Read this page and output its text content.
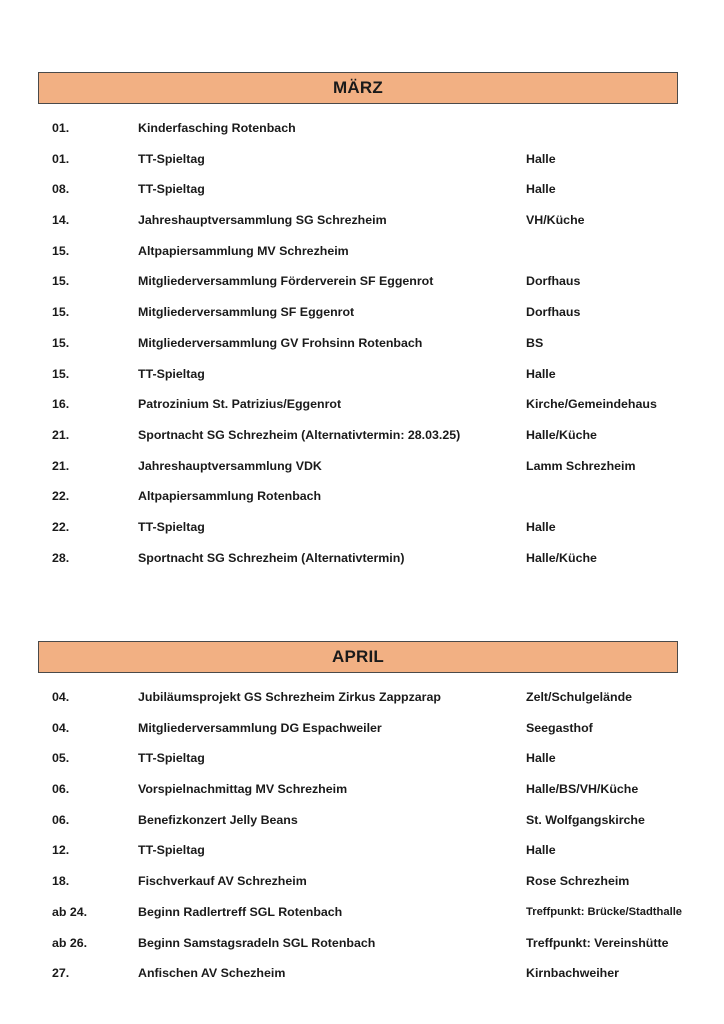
MÄRZ
01.	Kinderfasching Rotenbach
01.	TT-Spieltag	Halle
08.	TT-Spieltag	Halle
14.	Jahreshauptversammlung SG Schrezheim	VH/Küche
15.	Altpapiersammlung MV Schrezheim
15.	Mitgliederversammlung Förderverein SF Eggenrot	Dorfhaus
15.	Mitgliederversammlung SF Eggenrot	Dorfhaus
15.	Mitgliederversammlung GV Frohsinn Rotenbach	BS
15.	TT-Spieltag	Halle
16.	Patrozinium St. Patrizius/Eggenrot	Kirche/Gemeindehaus
21.	Sportnacht SG Schrezheim (Alternativtermin: 28.03.25)	Halle/Küche
21.	Jahreshauptversammlung VDK	Lamm Schrezheim
22.	Altpapiersammlung Rotenbach
22.	TT-Spieltag	Halle
28.	Sportnacht SG Schrezheim (Alternativtermin)	Halle/Küche
APRIL
04.	Jubiläumsprojekt GS Schrezheim Zirkus Zappzarap	Zelt/Schulgelände
04.	Mitgliederversammlung DG Espachweiler	Seegasthof
05.	TT-Spieltag	Halle
06.	Vorspielnachmittag MV Schrezheim	Halle/BS/VH/Küche
06.	Benefizkonzert Jelly Beans	St. Wolfgangskirche
12.	TT-Spieltag	Halle
18.	Fischverkauf AV Schrezheim	Rose Schrezheim
ab 24.	Beginn Radlertreff SGL Rotenbach	Treffpunkt: Brücke/Stadthalle
ab 26.	Beginn Samstagsradeln SGL Rotenbach	Treffpunkt: Vereinshütte
27.	Anfischen AV Schezheim	Kirnbachweiher
